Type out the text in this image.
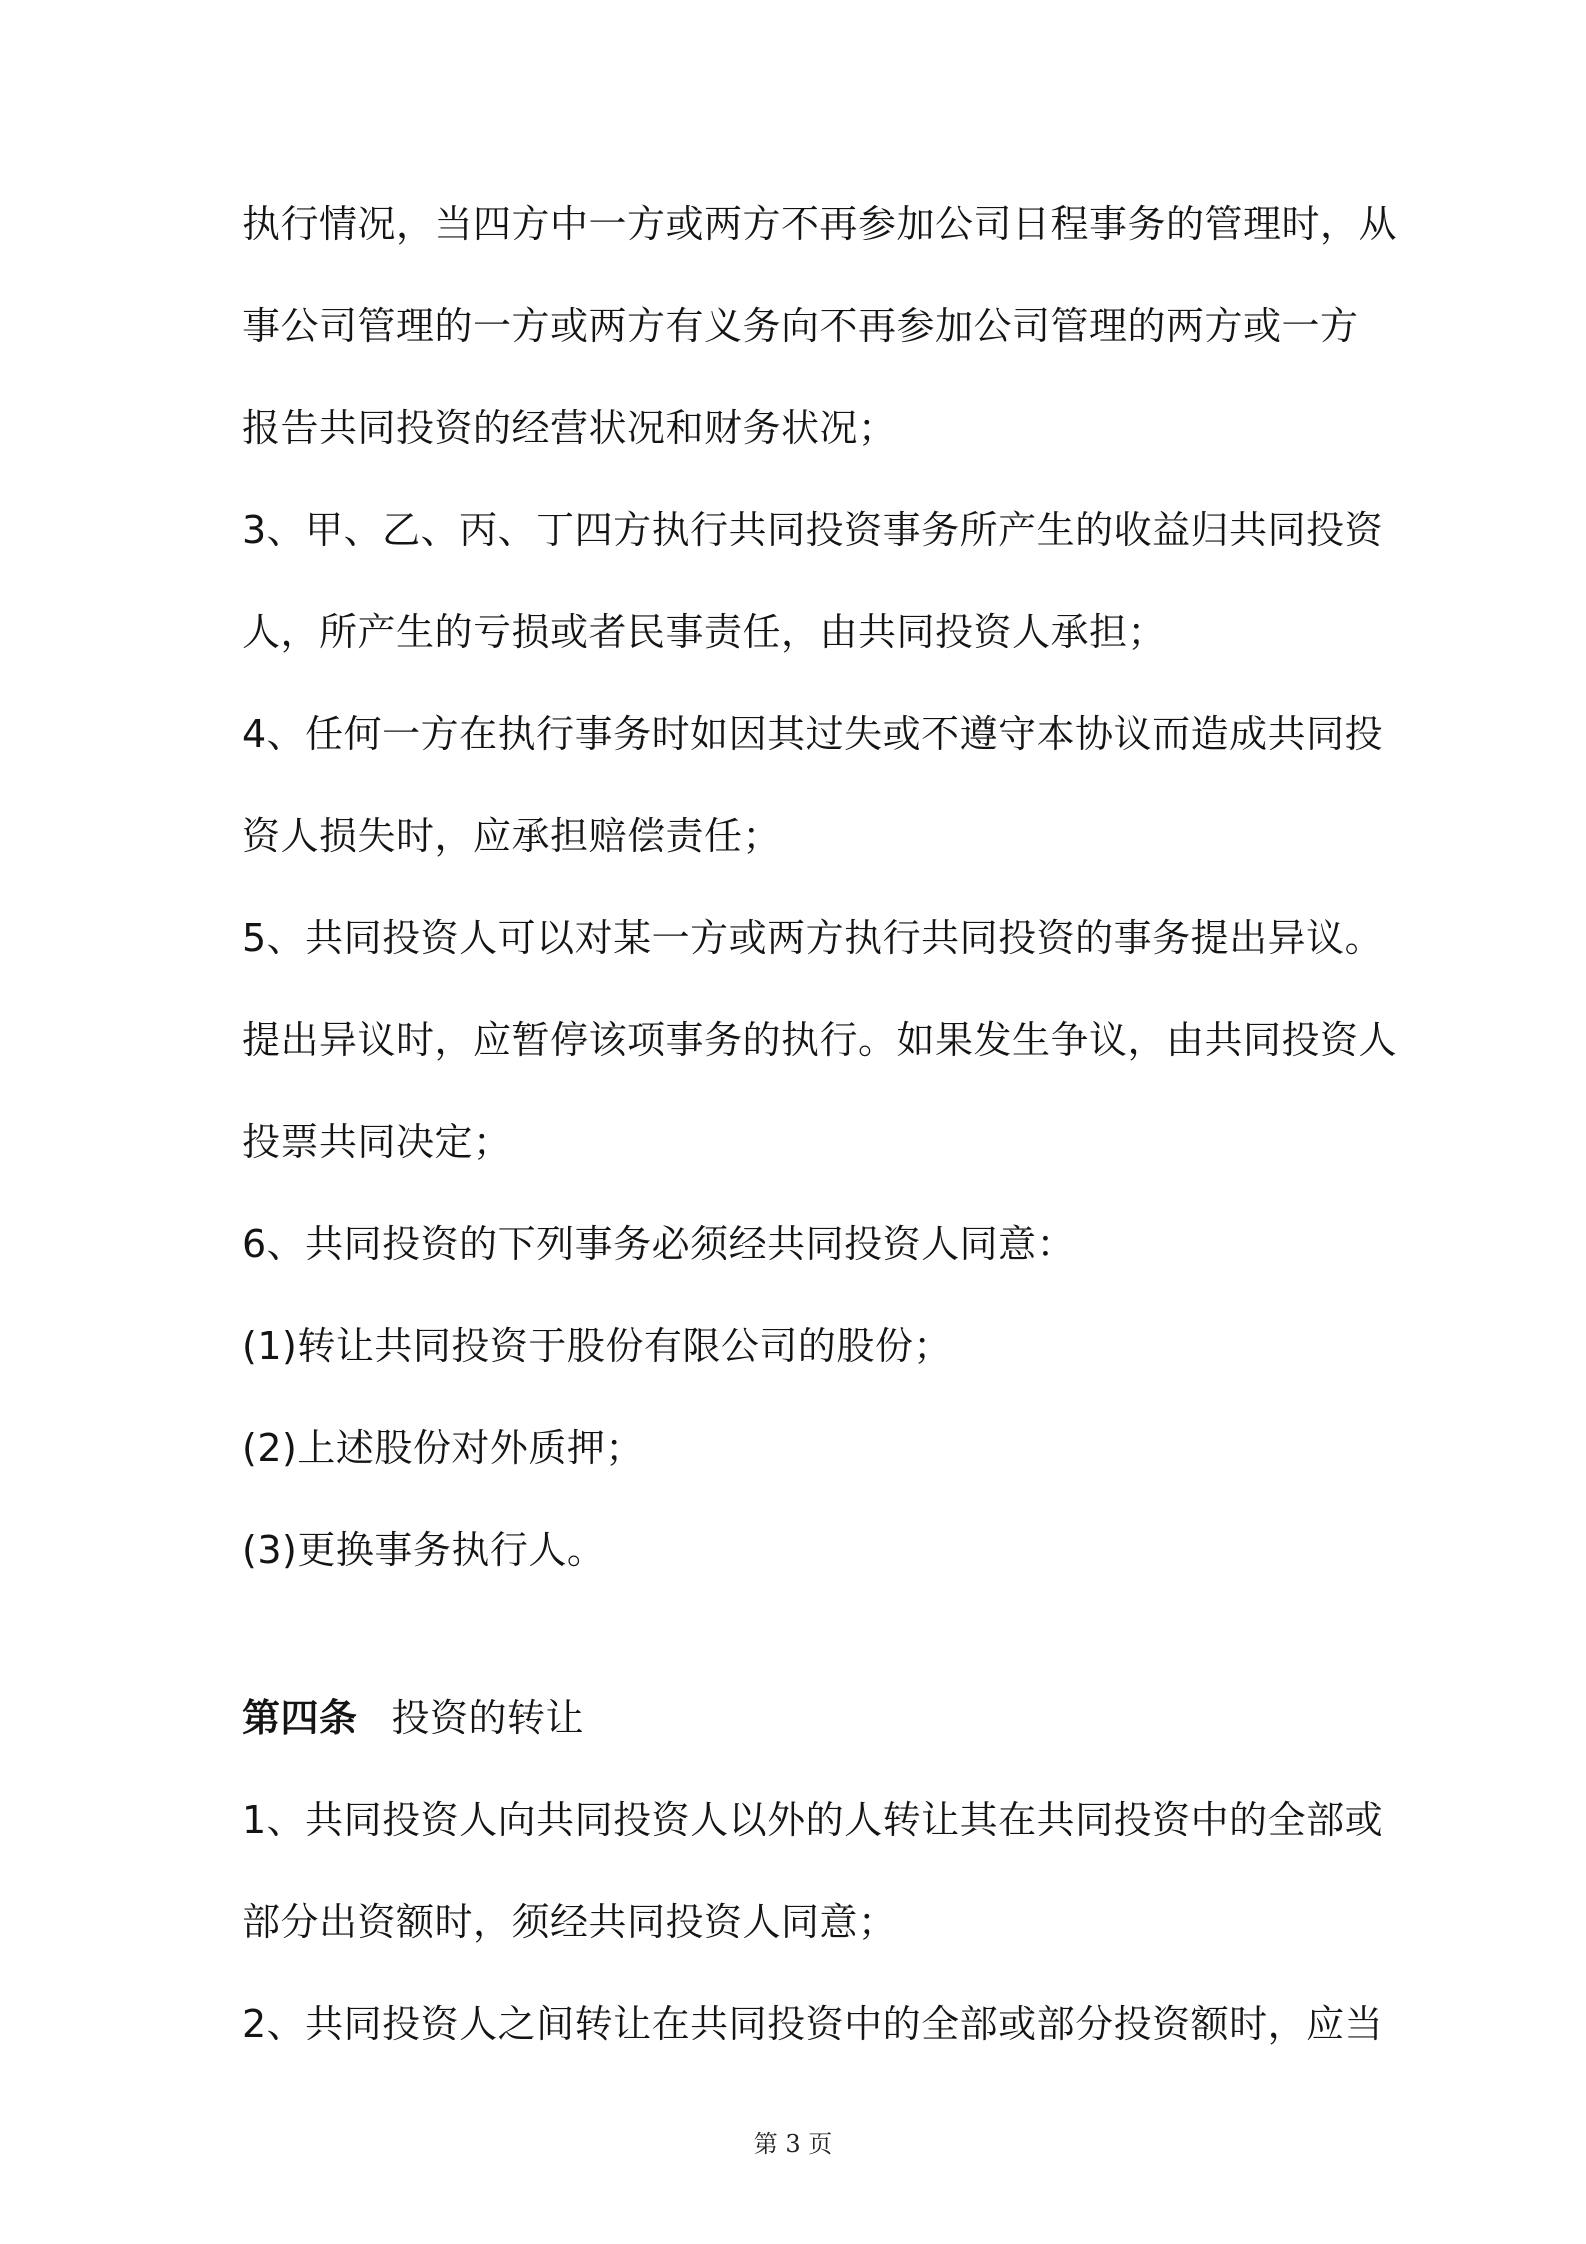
执行情况，当四方中一方或两方不再参加公司日程事务的管理时，从
事公司管理的一方或两方有义务向不再参加公司管理的两方或一方
报告共同投资的经营状况和财务状况；
3、甲、乙、丙、丁四方执行共同投资事务所产生的收益归共同投资
人，所产生的亏损或者民事责任，由共同投资人承担；
4、任何一方在执行事务时如因其过失或不遵守本协议而造成共同投
资人损失时，应承担赔偿责任；
5、共同投资人可以对某一方或两方执行共同投资的事务提出异议。
提出异议时，应暂停该项事务的执行。如果发生争议，由共同投资人
投票共同决定；
6、共同投资的下列事务必须经共同投资人同意：
(1)转让共同投资于股份有限公司的股份；
(2)上述股份对外质押；
(3)更换事务执行人。
第四条 投资的转让
1、共同投资人向共同投资人以外的人转让其在共同投资中的全部或
部分出资额时，须经共同投资人同意；
2、共同投资人之间转让在共同投资中的全部或部分投资额时，应当
第 3 页
